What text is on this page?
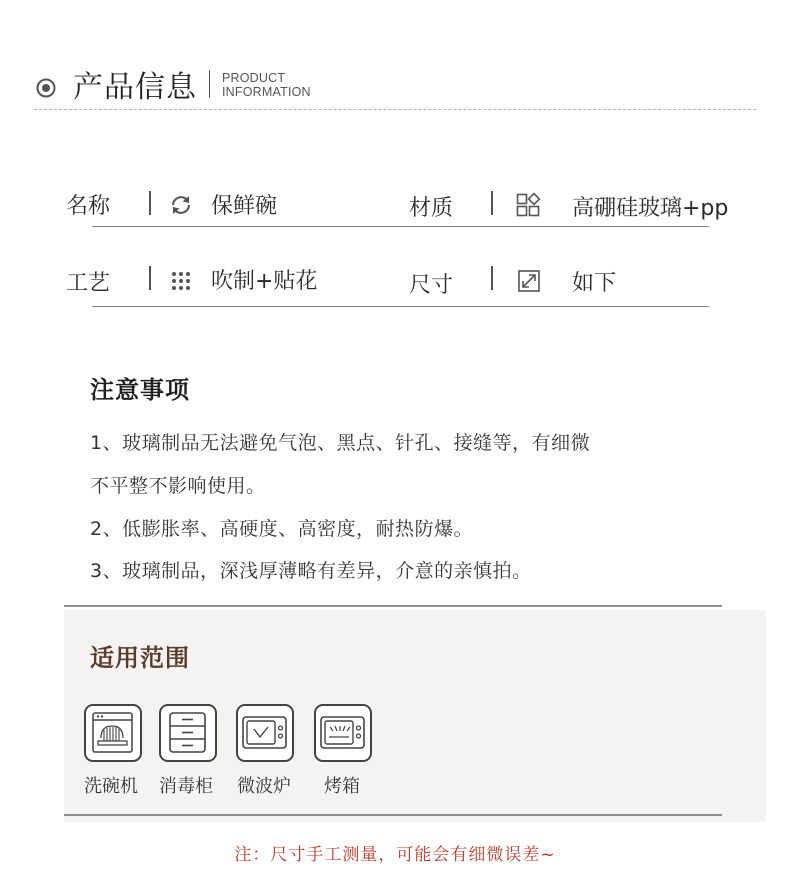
产品信息 PRODUCT
INFORMATION
名称	保鲜碗	材质	高硼硅玻璃+pp
工艺	吹制+贴花	尺寸	如下
注意事项
1、玻璃制品无法避免气泡、黑点、针孔、接缝等，有细微
不平整不影响使用。
2、低膨胀率、高硬度、高密度，耐热防爆。
3、玻璃制品，深浅厚薄略有差异，介意的亲慎拍。
适用范围
洗碗机 消毒柜 微波炉 烤箱
注：尺寸手工测量，可能会有细微误差~
